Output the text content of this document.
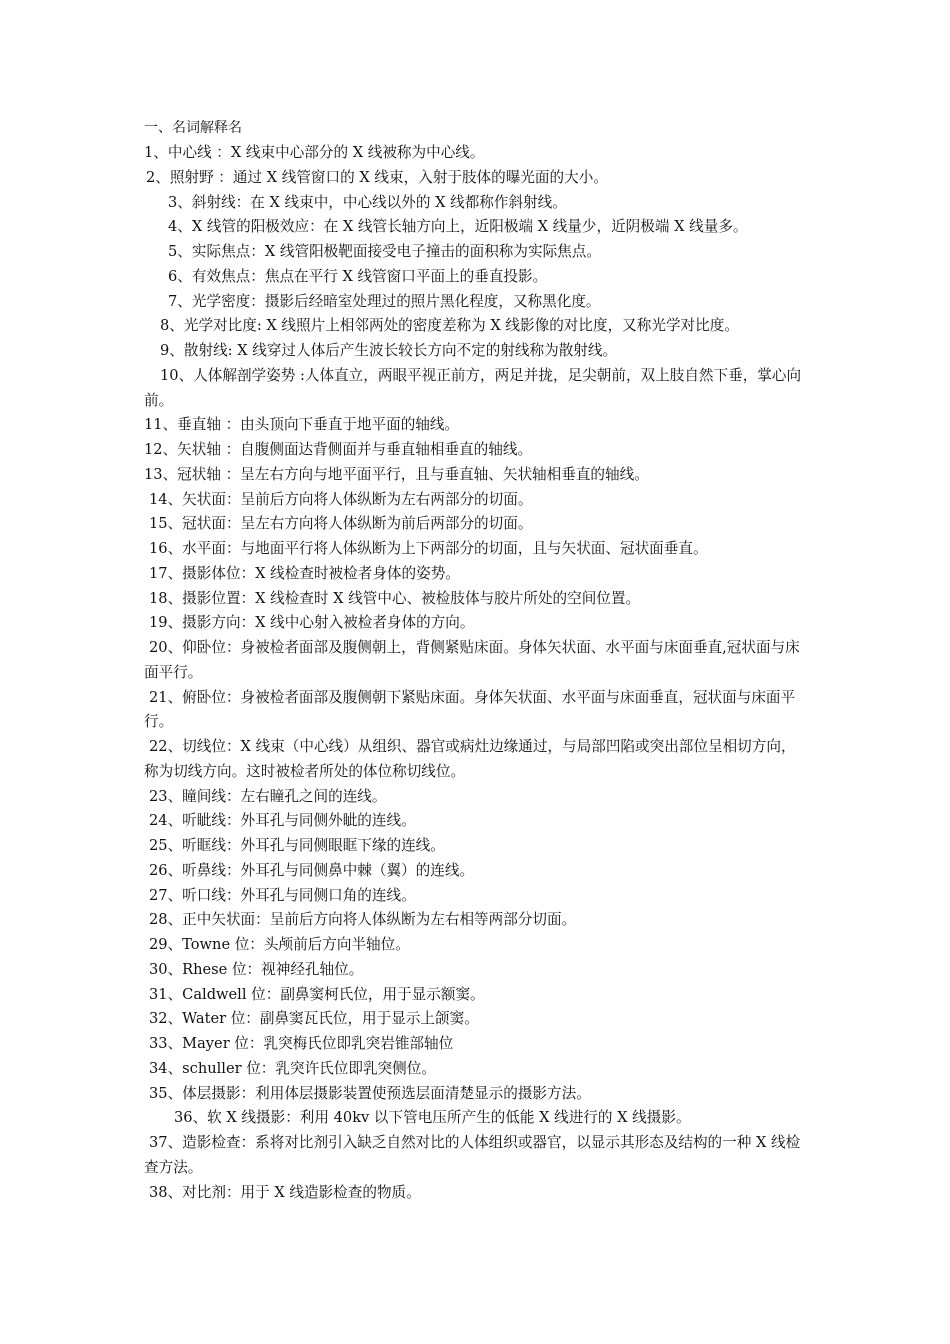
一、名词解释名
1、中心线 ：X 线束中心部分的 X 线被称为中心线。
2、照射野 ：通过 X 线管窗口的 X 线束，入射于肢体的曝光面的大小。
3、斜射线：在 X 线束中，中心线以外的 X 线都称作斜射线。
4、X 线管的阳极效应：在 X 线管长轴方向上，近阳极端 X 线量少，近阴极端 X 线量多。
5、实际焦点：X 线管阳极靶面接受电子撞击的面积称为实际焦点。
6、有效焦点：焦点在平行 X 线管窗口平面上的垂直投影。
7、光学密度：摄影后经暗室处理过的照片黑化程度，又称黑化度。
8、光学对比度: X 线照片上相邻两处的密度差称为 X 线影像的对比度，又称光学对比度。
9、散射线: X 线穿过人体后产生波长较长方向不定的射线称为散射线。
10、人体解剖学姿势 :人体直立，两眼平视正前方，两足并拢，足尖朝前，双上肢自然下垂，掌心向前。
11、垂直轴 ：由头顶向下垂直于地平面的轴线。
12、矢状轴 ：自腹侧面达背侧面并与垂直轴相垂直的轴线。
13、冠状轴 ：呈左右方向与地平面平行，且与垂直轴、矢状轴相垂直的轴线。
14、矢状面：呈前后方向将人体纵断为左右两部分的切面。
15、冠状面：呈左右方向将人体纵断为前后两部分的切面。
16、水平面：与地面平行将人体纵断为上下两部分的切面，且与矢状面、冠状面垂直。
17、摄影体位：X 线检查时被检者身体的姿势。
18、摄影位置：X 线检查时 X 线管中心、被检肢体与胶片所处的空间位置。
19、摄影方向：X 线中心射入被检者身体的方向。
20、仰卧位：身被检者面部及腹侧朝上，背侧紧贴床面。身体矢状面、水平面与床面垂直,冠状面与床面平行。
21、俯卧位：身被检者面部及腹侧朝下紧贴床面。身体矢状面、水平面与床面垂直，冠状面与床面平行。
22、切线位：X 线束（中心线）从组织、器官或病灶边缘通过，与局部凹陷或突出部位呈相切方向，称为切线方向。这时被检者所处的体位称切线位。
23、瞳间线：左右瞳孔之间的连线。
24、听眦线：外耳孔与同侧外眦的连线。
25、听眶线：外耳孔与同侧眼眶下缘的连线。
26、听鼻线：外耳孔与同侧鼻中棘（翼）的连线。
27、听口线：外耳孔与同侧口角的连线。
28、正中矢状面：呈前后方向将人体纵断为左右相等两部分切面。
29、Towne 位：头颅前后方向半轴位。
30、Rhese 位：视神经孔轴位。
31、Caldwell 位：副鼻窦柯氏位，用于显示额窦。
32、Water 位：副鼻窦瓦氏位，用于显示上颌窦。
33、Mayer 位：乳突梅氏位即乳突岩锥部轴位
34、schuller 位：乳突许氏位即乳突侧位。
35、体层摄影：利用体层摄影装置使预选层面清楚显示的摄影方法。
36、软 X 线摄影：利用 40kv 以下管电压所产生的低能 X 线进行的 X 线摄影。
37、造影检查：系将对比剂引入缺乏自然对比的人体组织或器官，以显示其形态及结构的一种 X 线检查方法。
38、对比剂：用于 X 线造影检查的物质。
